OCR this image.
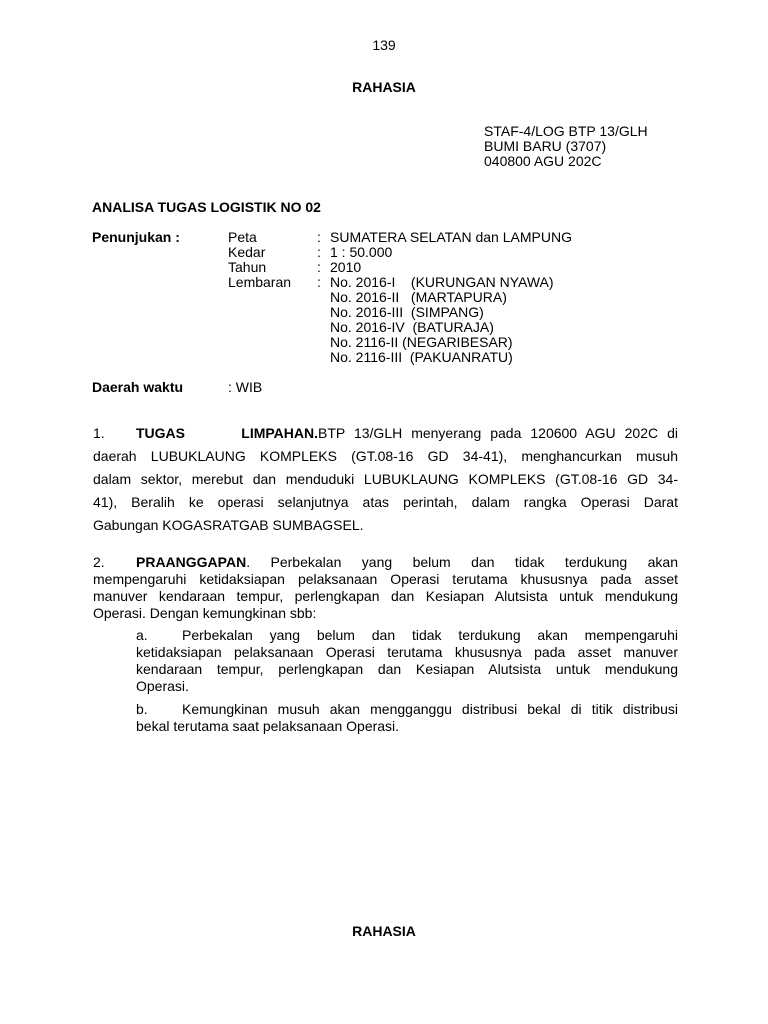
139
RAHASIA
STAF-4/LOG BTP 13/GLH
BUMI BARU (3707)
040800 AGU 202C
ANALISA TUGAS LOGISTIK NO 02
Penunjukan :	Peta	: SUMATERA SELATAN dan LAMPUNG
Kedar	: 1 : 50.000
Tahun	: 2010
Lembaran : No. 2016-I    (KURUNGAN NYAWA)
No. 2016-II   (MARTAPURA)
No. 2016-III  (SIMPANG)
No. 2016-IV  (BATURAJA)
No. 2116-II (NEGARIBESAR)
No. 2116-III  (PAKUANRATU)
Daerah waktu	: WIB
1. TUGAS LIMPAHAN.BTP 13/GLH menyerang pada 120600 AGU 202C di
daerah LUBUKLAUNG KOMPLEKS (GT.08-16 GD 34-41), menghancurkan musuh
dalam sektor, merebut dan menduduki LUBUKLAUNG KOMPLEKS (GT.08-16 GD 34-
41), Beralih ke operasi selanjutnya atas perintah, dalam rangka Operasi Darat
Gabungan KOGASRATGAB SUMBAGSEL.
2. PRAANGGAPAN. Perbekalan yang belum dan tidak terdukung akan
mempengaruhi ketidaksiapan pelaksanaan Operasi terutama khususnya pada asset
manuver kendaraan tempur, perlengkapan dan Kesiapan Alutsista untuk mendukung
Operasi. Dengan kemungkinan sbb:
a. Perbekalan yang belum dan tidak terdukung akan mempengaruhi
ketidaksiapan pelaksanaan Operasi terutama khususnya pada asset manuver
kendaraan tempur, perlengkapan dan Kesiapan Alutsista untuk mendukung
Operasi.
b. Kemungkinan musuh akan mengganggu distribusi bekal di titik distribusi
bekal terutama saat pelaksanaan Operasi.
RAHASIA
